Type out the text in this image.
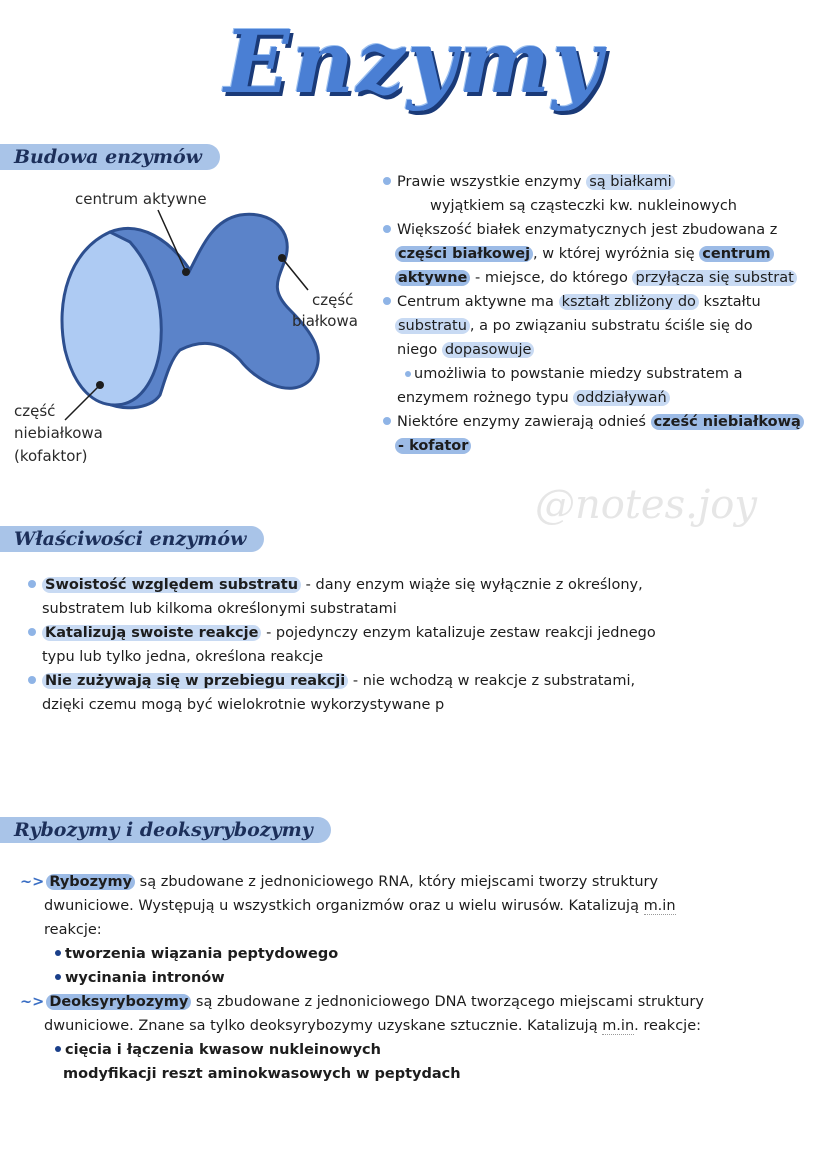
Enzymy
Budowa enzymów
centrum aktywne
część
białkowa
część
niebiałkowa
(kofaktor)
Prawie wszystkie enzymy są białkami
wyjątkiem są cząsteczki kw. nukleinowych
Większość białek enzymatycznych jest zbudowana z
części białkowej , w której wyróżnia się centrum
aktywne - miejsce, do którego przyłącza się substrat
Centrum aktywne ma kształt zbliżony do kształtu
substratu , a po związaniu substratu ściśle się do
niego dopasowuje
umożliwia to powstanie miedzy substratem a
enzymem rożnego typu oddziaływań
Niektóre enzymy zawierają odnieś cześć niebiałkową
- kofator
@notes.joy
Właściwości enzymów
Swoistość względem substratu - dany enzym wiąże się wyłącznie z określony,
substratem lub kilkoma określonymi substratami
Katalizują swoiste reakcje - pojedynczy enzym katalizuje zestaw reakcji jednego
typu lub tylko jedna, określona reakcje
Nie zużywają się w przebiegu reakcji - nie wchodzą w reakcje z substratami,
dzięki czemu mogą być wielokrotnie wykorzystywane p
Rybozymy i deoksyrybozymy
~> Rybozymy są zbudowane z jednoniciowego RNA, który miejscami tworzy struktury
dwuniciowe. Występują u wszystkich organizmów oraz u wielu wirusów. Katalizują m.in
reakcje:
tworzenia wiązania peptydowego
wycinania intronów
~> Deoksyrybozymy są zbudowane z jednoniciowego DNA tworzącego miejscami struktury
dwuniciowe. Znane sa tylko deoksyrybozymy uzyskane sztucznie. Katalizują m.in. reakcje:
cięcia i łączenia kwasow nukleinowych
modyfikacji reszt aminokwasowych w peptydach
